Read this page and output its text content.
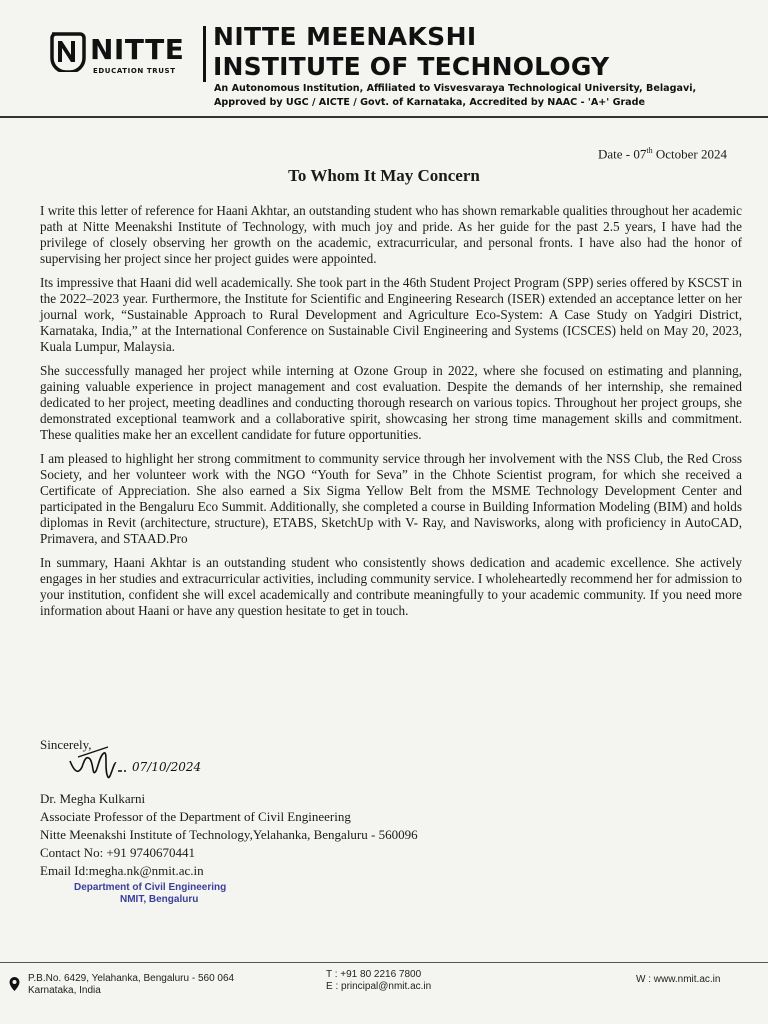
NITTE
EDUCATION TRUST
NITTE MEENAKSHI
INSTITUTE OF TECHNOLOGY
An Autonomous Institution, Affiliated to Visvesvaraya Technological University, Belagavi,
Approved by UGC / AICTE / Govt. of Karnataka, Accredited by NAAC - 'A+' Grade
Date - 07th October 2024
To Whom It May Concern

I write this letter of reference for Haani Akhtar, an outstanding student who has shown remarkable qualities throughout her academic path at Nitte Meenakshi Institute of Technology, with much joy and pride. As her guide for the past 2.5 years, I have had the privilege of closely observing her growth on the academic, extracurricular, and personal fronts. I have also had the honor of supervising her project since her project guides were appointed.

Its impressive that Haani did well academically. She took part in the 46th Student Project Program (SPP) series offered by KSCST in the 2022–2023 year. Furthermore, the Institute for Scientific and Engineering Research (ISER) extended an acceptance letter on her journal work, “Sustainable Approach to Rural Development and Agriculture Eco-System: A Case Study on Yadgiri District, Karnataka, India,” at the International Conference on Sustainable Civil Engineering and Systems (ICSCES) held on May 20, 2023, Kuala Lumpur, Malaysia.

She successfully managed her project while interning at Ozone Group in 2022, where she focused on estimating and planning, gaining valuable experience in project management and cost evaluation. Despite the demands of her internship, she remained dedicated to her project, meeting deadlines and conducting thorough research on various topics. Throughout her project groups, she demonstrated exceptional teamwork and a collaborative spirit, showcasing her strong time management skills and commitment. These qualities make her an excellent candidate for future opportunities.

I am pleased to highlight her strong commitment to community service through her involvement with the NSS Club, the Red Cross Society, and her volunteer work with the NGO “Youth for Seva” in the Chhote Scientist program, for which she received a Certificate of Appreciation. She also earned a Six Sigma Yellow Belt from the MSME Technology Development Center and participated in the Bengaluru Eco Summit. Additionally, she completed a course in Building Information Modeling (BIM) and holds diplomas in Revit (architecture, structure), ETABS, SketchUp with V- Ray, and Navisworks, along with proficiency in AutoCAD, Primavera, and STAAD.Pro

In summary, Haani Akhtar is an outstanding student who consistently shows dedication and academic excellence. She actively engages in her studies and extracurricular activities, including community service. I wholeheartedly recommend her for admission to your institution, confident she will excel academically and contribute meaningfully to your academic community. If you need more information about Haani or have any question hesitate to get in touch.

Sincerely,
07/10/2024
Dr. Megha Kulkarni
Associate Professor of the Department of Civil Engineering
Nitte Meenakshi Institute of Technology,Yelahanka, Bengaluru - 560096
Contact No: +91 9740670441
Email Id:megha.nk@nmit.ac.in
Department of Civil Engineering
NMIT, Bengaluru
P.B.No. 6429, Yelahanka, Bengaluru - 560 064
Karnataka, India
T : +91 80 2216 7800
E : principal@nmit.ac.in
W : www.nmit.ac.in
